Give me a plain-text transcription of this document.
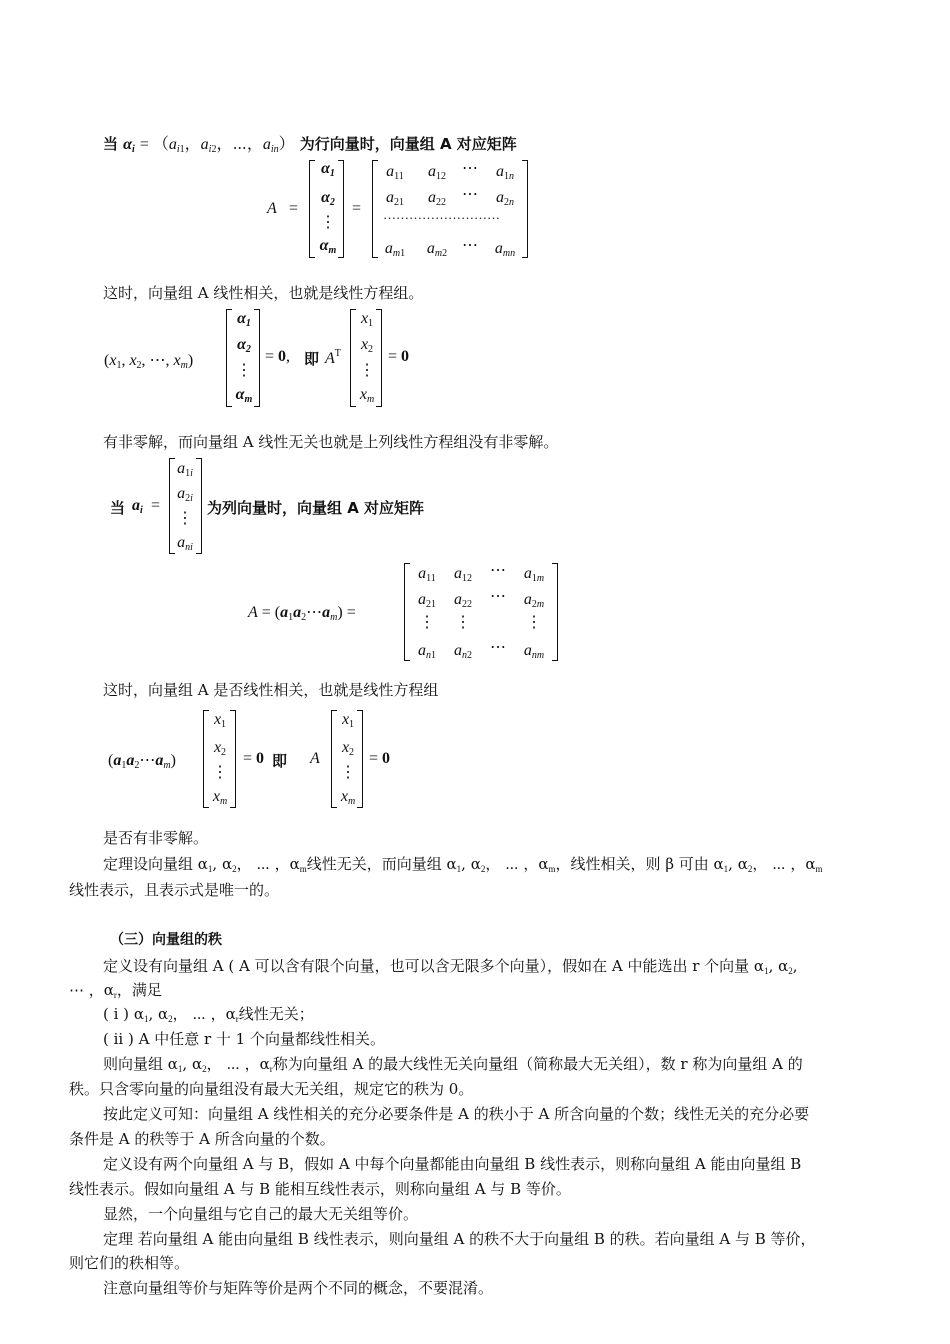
当 $\alpha_i = (a_{i1}$，$a_{i2}$，⋯，$a_{in}$） 为行向量时，向量组 A 对应矩阵
A =
$\alpha_1$
$\alpha_2$
⋮
$\alpha_m$
=
$a_{11}$	$a_{12}$	⋯	$a_{1n}$
$a_{21}$	$a_{22}$	⋯	$a_{2n}$
………………………
$a_{m1}$	$a_{m2}$ ⋯	$a_{mn}$
这时，向量组 A 线性相关，也就是线性方程组。
($x_1$, $x_2$, ⋯, $x_m$)
$\alpha_1$
$\alpha_2$
⋮
$\alpha_m$
= 0, 即 $A^T$
$x_1$
$x_2$
⋮
$x_m$
= 0
有非零解，而向量组 A 线性无关也就是上列线性方程组没有非零解。
当 $a_i$ =
$a_{1i}$
$a_{2i}$
⋮
$a_{ni}$
为列向量时，向量组 A 对应矩阵
$A = (a_1a_2\cdots a_m)$ =
$a_{11}$	$a_{12}$	⋯	$a_{1m}$
$a_{21}$	$a_{22}$	⋯	$a_{2m}$
⋮	⋮	⋮
$a_{n1}$	$a_{n2}$	⋯	$a_{nm}$
这时，向量组 A 是否线性相关，也就是线性方程组
$(a_1a_2\cdots a_m)$
$x_1$
$x_2$
⋮
$x_m$
= 0 即 A
$x_1$
$x_2$
⋮
$x_m$
= 0
是否有非零解。
定理设向量组 $\alpha_1$, $\alpha_2$， ⋯ ，$\alpha_m$线性无关，而向量组 $\alpha_1$, $\alpha_2$， ⋯ ，$\alpha_m$，线性相关，则 β 可由 $\alpha_1$, $\alpha_2$， ⋯ ，$\alpha_m$
线性表示，且表示式是唯一的。
（三）向量组的秩
定义设有向量组 A ( A 可以含有限个向量，也可以含无限多个向量），假如在 A 中能选出 r 个向量 $\alpha_1$, $\alpha_2$,
⋯ ，$\alpha_r$，满足
( i ) $\alpha_1$, $\alpha_2$， ⋯ ，$\alpha_r$线性无关；
( ii ) A 中任意 r 十 1 个向量都线性相关。
则向量组 $\alpha_1$, $\alpha_2$， ⋯ ，$\alpha_r$称为向量组 A 的最大线性无关向量组（简称最大无关组），数 r 称为向量组 A 的
秩。只含零向量的向量组没有最大无关组，规定它的秩为 0。
按此定义可知：向量组 A 线性相关的充分必要条件是 A 的秩小于 A 所含向量的个数；线性无关的充分必要
条件是 A 的秩等于 A 所含向量的个数。
定义设有两个向量组 A 与 B，假如 A 中每个向量都能由向量组 B 线性表示，则称向量组 A 能由向量组 B
线性表示。假如向量组 A 与 B 能相互线性表示，则称向量组 A 与 B 等价。
显然，一个向量组与它自己的最大无关组等价。
定理 若向量组 A 能由向量组 B 线性表示，则向量组 A 的秩不大于向量组 B 的秩。若向量组 A 与 B 等价，
则它们的秩相等。
注意向量组等价与矩阵等价是两个不同的概念，不要混淆。
